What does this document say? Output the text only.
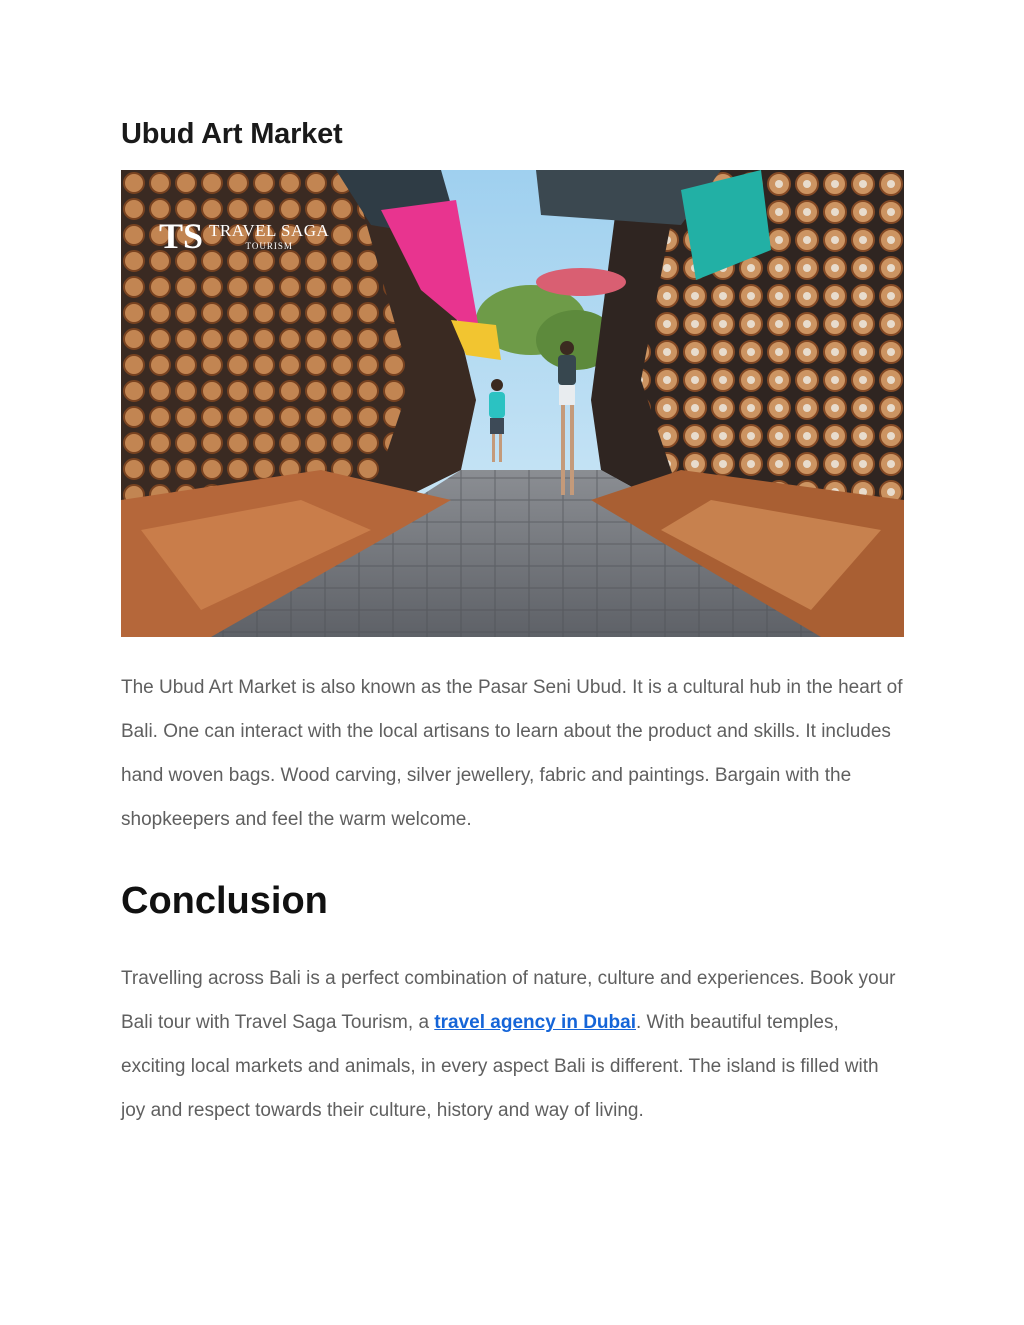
Ubud Art Market
TS TRAVEL SAGA
TOURISM

The Ubud Art Market is also known as the Pasar Seni Ubud. It is a cultural hub in the heart of Bali. One can interact with the local artisans to learn about the product and skills. It includes hand woven bags. Wood carving, silver jewellery, fabric and paintings. Bargain with the shopkeepers and feel the warm welcome.

Conclusion

Travelling across Bali is a perfect combination of nature, culture and experiences. Book your Bali tour with Travel Saga Tourism, a travel agency in Dubai. With beautiful temples, exciting local markets and animals, in every aspect Bali is different. The island is filled with joy and respect towards their culture, history and way of living.
